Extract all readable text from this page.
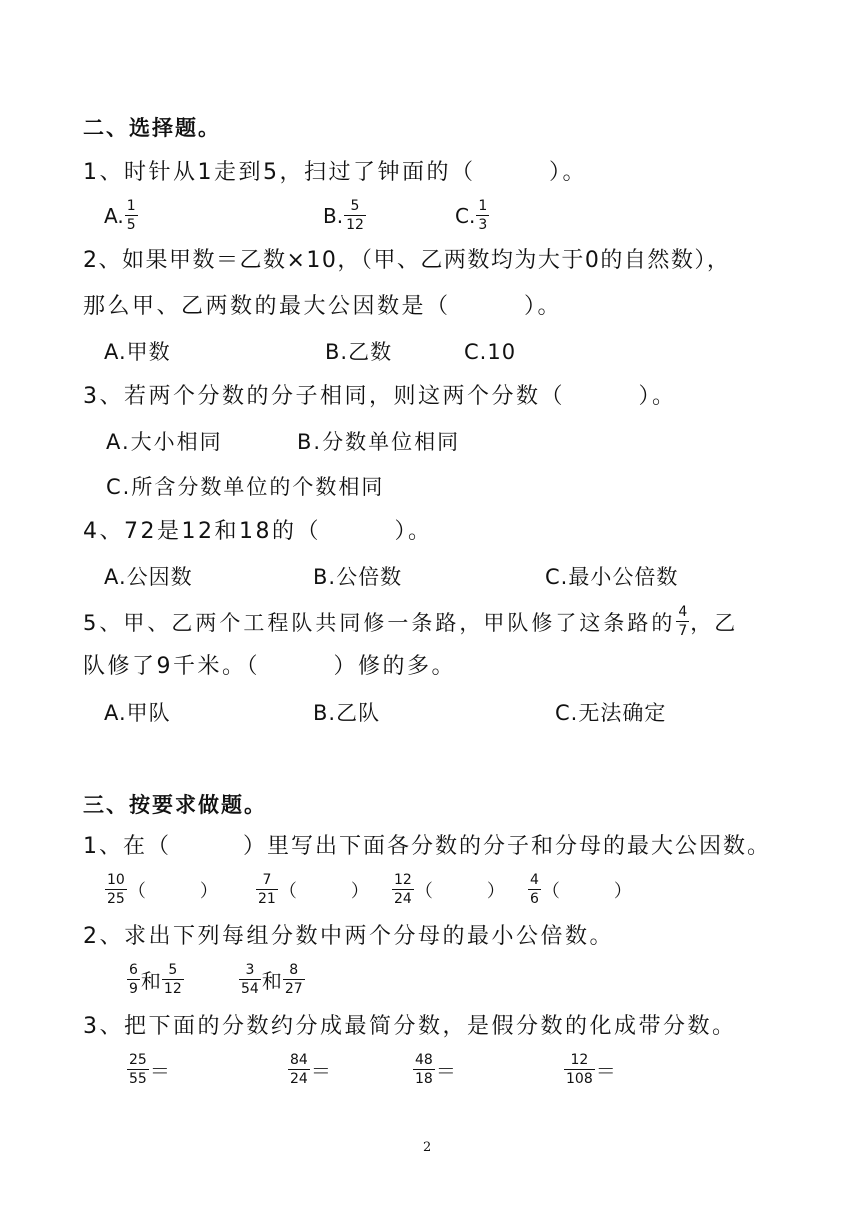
二、选择题。
1、时针从1走到5，扫过了钟面的（　　　）。
A. $\frac{1}{5}$	B. $\frac{5}{12}$	C. $\frac{1}{3}$
2、如果甲数＝乙数×10，（甲、乙两数均为大于0的自然数），
那么甲、乙两数的最大公因数是（　　　）。
A.甲数	B.乙数	C.10
3、若两个分数的分子相同，则这两个分数（　　　）。
A.大小相同	B.分数单位相同
C.所含分数单位的个数相同
4、72是12和18的（　　　）。
A.公因数	B.公倍数	C.最小公倍数
5、甲、乙两个工程队共同修一条路，甲队修了这条路的 $\frac{4}{7}$ ，乙
队修了9千米。（　　　）修的多。
A.甲队	B.乙队	C.无法确定
三、按要求做题。
1、在（　　　）里写出下面各分数的分子和分母的最大公因数。
$\frac{10}{25}$ （　　　）	$\frac{7}{21}$ （　　　） $\frac{12}{24}$ （　　　） $\frac{4}{6}$ （　　　）
2、求出下列每组分数中两个分母的最小公倍数。
$\frac{6}{9}$ 和 $\frac{5}{12}$	$\frac{3}{54}$ 和 $\frac{8}{27}$
3、把下面的分数约分成最简分数，是假分数的化成带分数。
$\frac{25}{55}$ ＝	$\frac{84}{24}$ ＝	$\frac{48}{18}$ ＝	$\frac{12}{108}$ ＝
2
